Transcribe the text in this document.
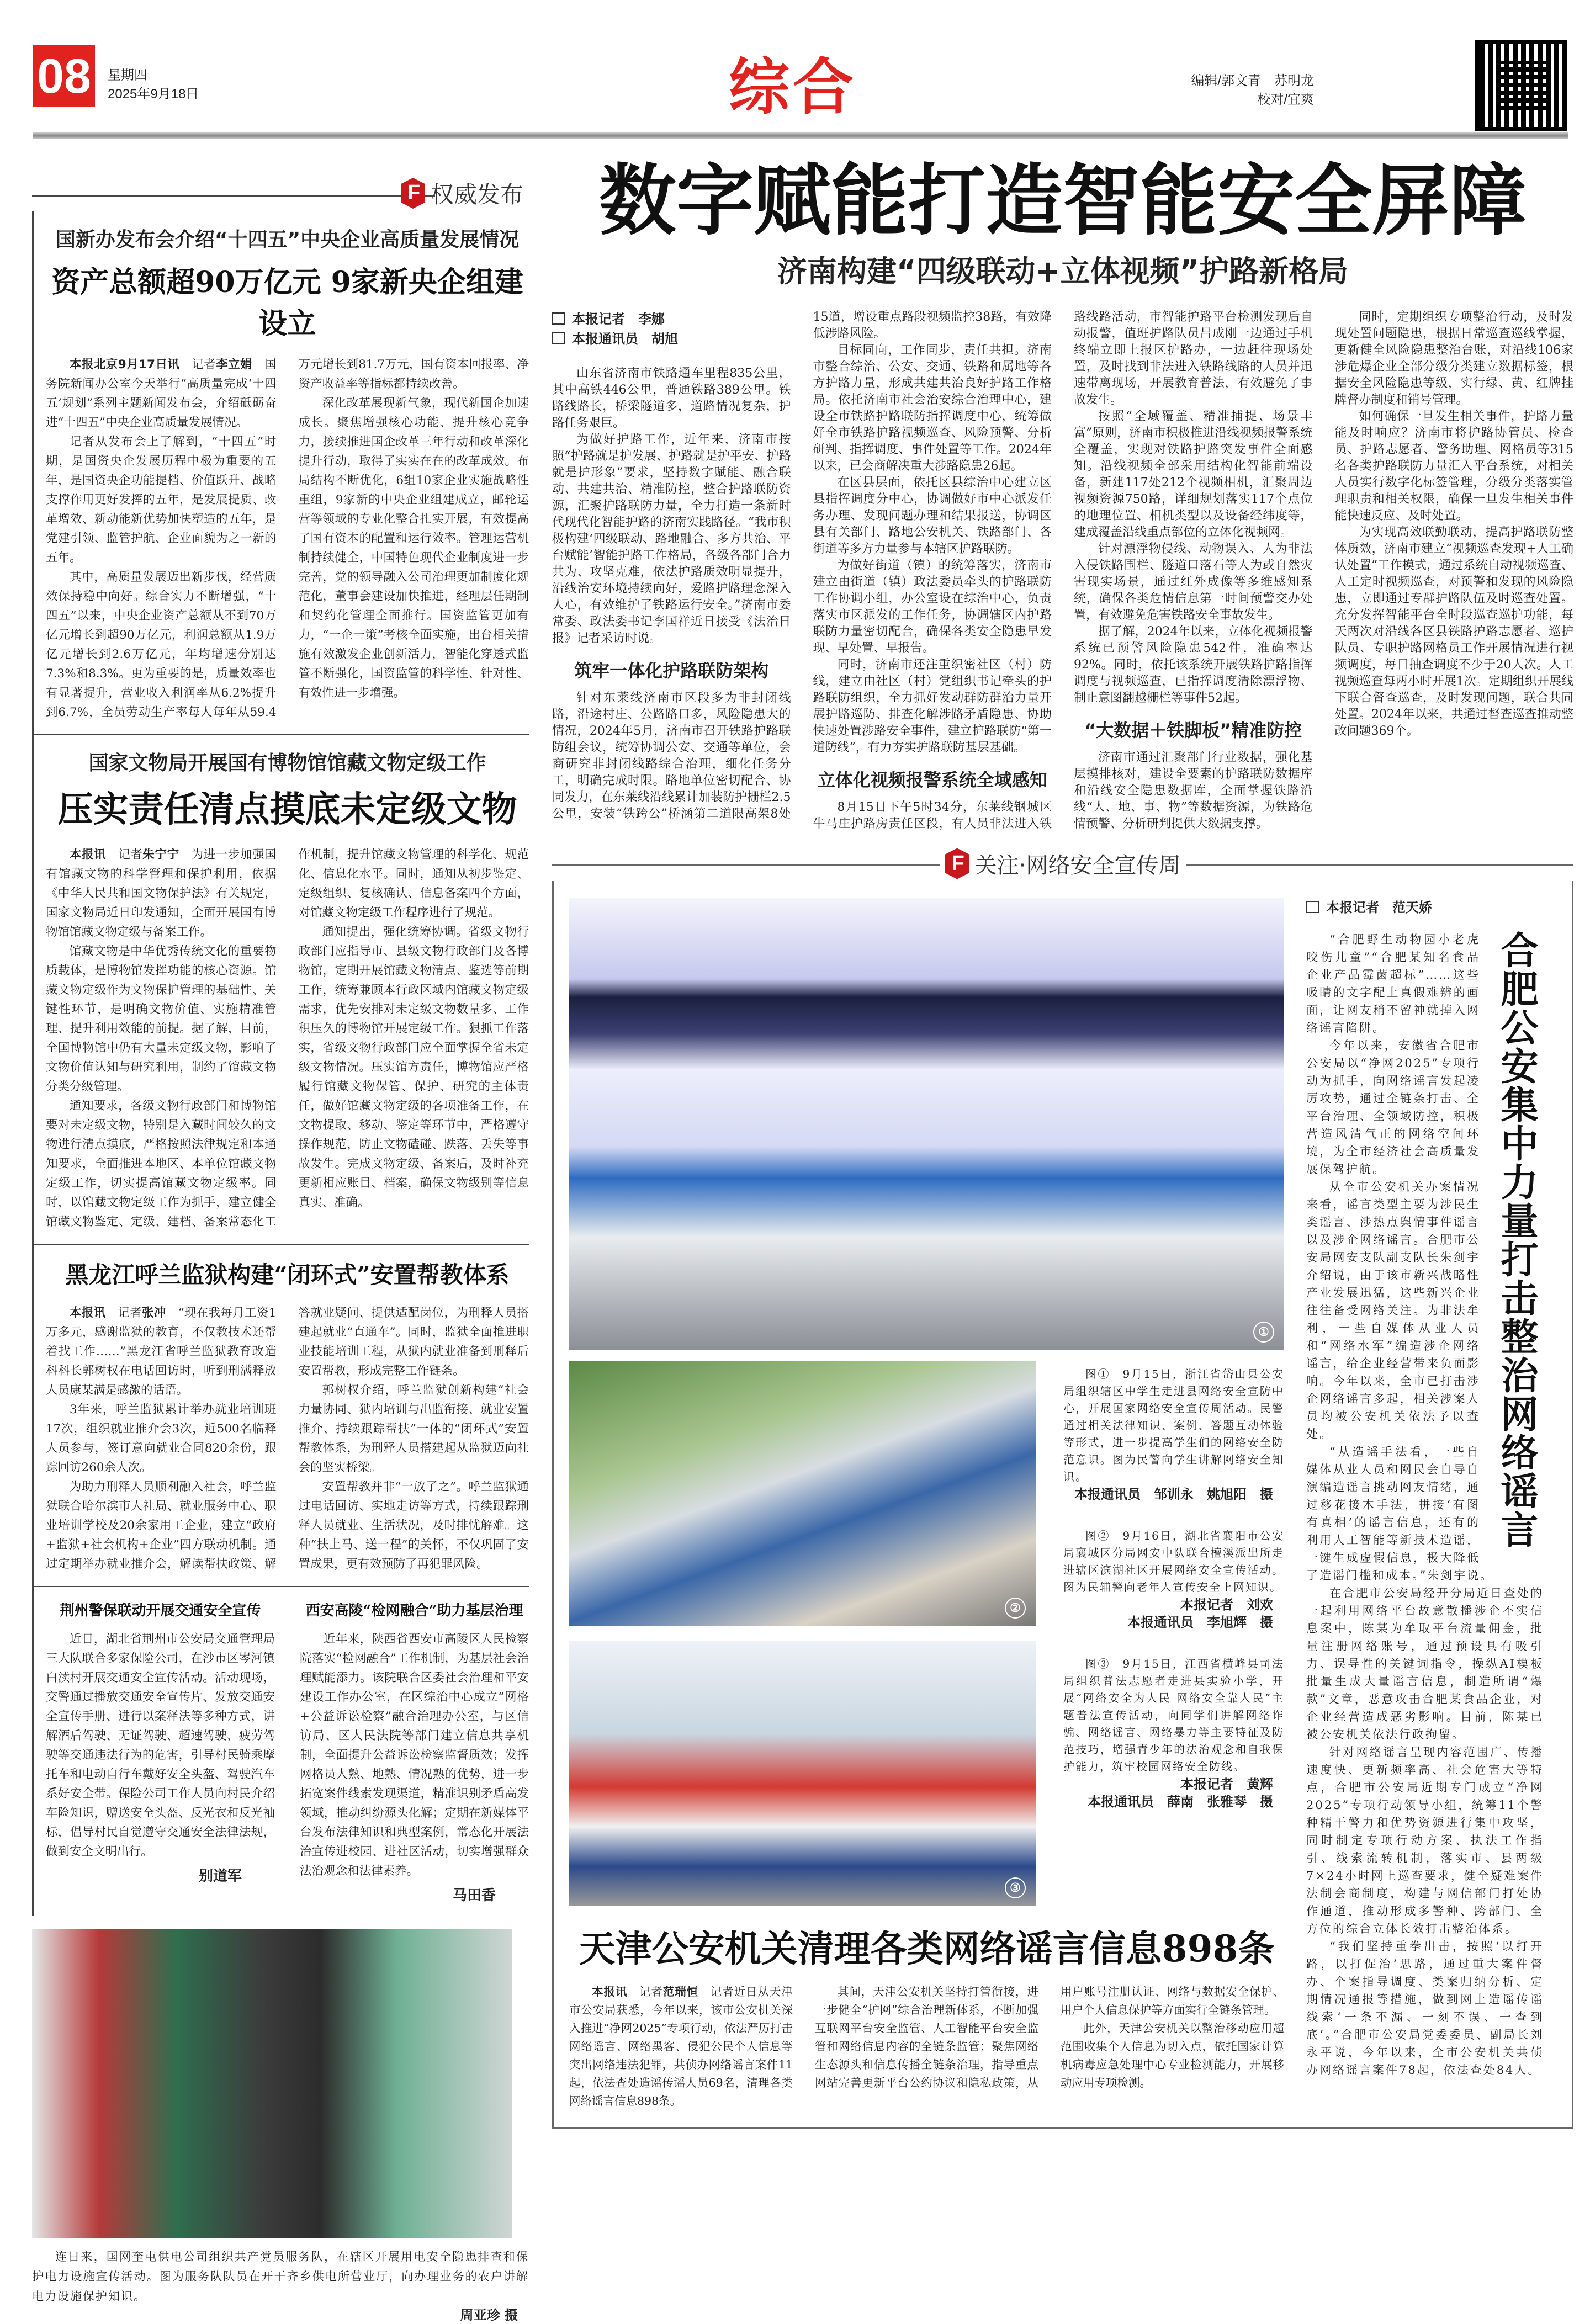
08 星期四
2025年9月18日	综合	编辑/郭文青　苏明龙
校对/宜爽
F
权威发布
国新办发布会介绍“十四五”中央企业高质量发展情况
资产总额超90万亿元 9家新央企组建设立

本报北京9月17日讯　 记者李立娟　 国务院新闻办公室今天举行“高质量完成‘十四五’规划”系列主题新闻发布会，介绍砥砺奋进“十四五”中央企业高质量发展情况。

记者从发布会上了解到，“十四五”时期，是国资央企发展历程中极为重要的五年，是国资央企功能提档、价值跃升、战略支撑作用更好发挥的五年，是发展提质、改革增效、新动能新优势加快塑造的五年，是党建引领、监管护航、企业面貌为之一新的五年。

其中，高质量发展迈出新步伐，经营质效保持稳中向好。综合实力不断增强，“十四五”以来，中央企业资产总额从不到70万亿元增长到超90万亿元，利润总额从1.9万亿元增长到2.6万亿元，年均增速分别达7.3%和8.3%。更为重要的是，质量效率也有显著提升，营业收入利润率从6.2%提升到6.7%，全员劳动生产率每人每年从59.4万元增长到81.7万元，国有资本回报率、净资产收益率等指标都持续改善。

深化改革展现新气象，现代新国企加速成长。聚焦增强核心功能、提升核心竞争力，接续推进国企改革三年行动和改革深化提升行动，取得了实实在在的改革成效。布局结构不断优化，6组10家企业实施战略性重组，9家新的中央企业组建成立，邮轮运营等领域的专业化整合扎实开展，有效提高了国有资本的配置和运行效率。管理运营机制持续健全，中国特色现代企业制度进一步完善，党的领导融入公司治理更加制度化规范化，董事会建设加快推进，经理层任期制和契约化管理全面推行。国资监管更加有力，“一企一策”考核全面实施，出台相关措施有效激发企业创新活力，智能化穿透式监管不断强化，国资监管的科学性、针对性、有效性进一步增强。

国家文物局开展国有博物馆馆藏文物定级工作
压实责任清点摸底未定级文物

本报讯　 记者朱宁宁　 为进一步加强国有馆藏文物的科学管理和保护利用，依据《中华人民共和国文物保护法》有关规定，国家文物局近日印发通知，全面开展国有博物馆馆藏文物定级与备案工作。

馆藏文物是中华优秀传统文化的重要物质载体，是博物馆发挥功能的核心资源。馆藏文物定级作为文物保护管理的基础性、关键性环节，是明确文物价值、实施精准管理、提升利用效能的前提。据了解，目前，全国博物馆中仍有大量未定级文物，影响了文物价值认知与研究利用，制约了馆藏文物分类分级管理。

通知要求，各级文物行政部门和博物馆要对未定级文物，特别是入藏时间较久的文物进行清点摸底，严格按照法律规定和本通知要求，全面推进本地区、本单位馆藏文物定级工作，切实提高馆藏文物定级率。同时，以馆藏文物定级工作为抓手，建立健全馆藏文物鉴定、定级、建档、备案常态化工作机制，提升馆藏文物管理的科学化、规范化、信息化水平。同时，通知从初步鉴定、定级组织、复核确认、信息备案四个方面，对馆藏文物定级工作程序进行了规范。

通知提出，强化统筹协调。省级文物行政部门应指导市、县级文物行政部门及各博物馆，定期开展馆藏文物清点、鉴选等前期工作，统筹兼顾本行政区域内馆藏文物定级需求，优先安排对未定级文物数量多、工作积压久的博物馆开展定级工作。狠抓工作落实，省级文物行政部门应全面掌握全省未定级文物情况。压实馆方责任，博物馆应严格履行馆藏文物保管、保护、研究的主体责任，做好馆藏文物定级的各项准备工作，在文物提取、移动、鉴定等环节中，严格遵守操作规范，防止文物磕碰、跌落、丢失等事故发生。完成文物定级、备案后，及时补充更新相应账目、档案，确保文物级别等信息真实、准确。

黑龙江呼兰监狱构建“闭环式”安置帮教体系

本报讯　 记者张冲　 “现在我每月工资1万多元，感谢监狱的教育，不仅教技术还帮着找工作……”黑龙江省呼兰监狱教育改造科科长郭树权在电话回访时，听到刑满释放人员康某满是感激的话语。

3年来，呼兰监狱累计举办就业培训班17次，组织就业推介会3次，近500名临释人员参与，签订意向就业合同820余份，跟踪回访260余人次。

为助力刑释人员顺利融入社会，呼兰监狱联合哈尔滨市人社局、就业服务中心、职业培训学校及20余家用工企业，建立“政府+监狱+社会机构+企业”四方联动机制。通过定期举办就业推介会，解读帮扶政策、解答就业疑问、提供适配岗位，为刑释人员搭建起就业“直通车”。同时，监狱全面推进职业技能培训工程，从狱内就业准备到刑释后安置帮教，形成完整工作链条。

郭树权介绍，呼兰监狱创新构建“社会力量协同、狱内培训与出监衔接、就业安置推介、持续跟踪帮扶”一体的“闭环式”安置帮教体系，为刑释人员搭建起从监狱迈向社会的坚实桥梁。

安置帮教并非“一放了之”。呼兰监狱通过电话回访、实地走访等方式，持续跟踪刑释人员就业、生活状况，及时排忧解难。这种“扶上马、送一程”的关怀，不仅巩固了安置成果，更有效预防了再犯罪风险。

荆州警保联动开展交通安全宣传

近日，湖北省荆州市公安局交通管理局三大队联合多家保险公司，在沙市区岑河镇白渎村开展交通安全宣传活动。活动现场，交警通过播放交通安全宣传片、发放交通安全宣传手册、进行以案释法等多种方式，讲解酒后驾驶、无证驾驶、超速驾驶、疲劳驾驶等交通违法行为的危害，引导村民骑乘摩托车和电动自行车戴好安全头盔、驾驶汽车系好安全带。保险公司工作人员向村民介绍车险知识，赠送安全头盔、反光衣和反光袖标，倡导村民自觉遵守交通安全法律法规，做到安全文明出行。

别道军
西安高陵“检网融合”助力基层治理

近年来，陕西省西安市高陵区人民检察院落实“检网融合”工作机制，为基层社会治理赋能添力。该院联合区委社会治理和平安建设工作办公室，在区综治中心成立“网格+公益诉讼检察”融合治理办公室，与区信访局、区人民法院等部门建立信息共享机制，全面提升公益诉讼检察监督质效；发挥网格员人熟、地熟、情况熟的优势，进一步拓宽案件线索发现渠道，精准识别矛盾高发领域，推动纠纷源头化解；定期在新媒体平台发布法律知识和典型案例，常态化开展法治宣传进校园、进社区活动，切实增强群众法治观念和法律素养。

马田香
连日来，国网奎屯供电公司组织共产党员服务队，在辖区开展用电安全隐患排查和保护电力设施宣传活动。图为服务队队员在开干齐乡供电所营业厅，向办理业务的农户讲解电力设施保护知识。
周亚珍 摄
数字赋能打造智能安全屏障
济南构建“四级联动+立体视频”护路新格局
本报记者　李娜
本报通讯员　胡旭

山东省济南市铁路通车里程835公里，其中高铁446公里，普通铁路389公里。铁路线路长，桥梁隧道多，道路情况复杂，护路任务艰巨。

为做好护路工作，近年来，济南市按照“护路就是护发展、护路就是护平安、护路就是护形象”要求，坚持数字赋能、融合联动、共建共治、精准防控，整合护路联防资源，汇聚护路联防力量，全力打造一条新时代现代化智能护路的济南实践路径。“我市积极构建‘四级联动、路地融合、多方共治、平台赋能’智能护路工作格局，各级各部门合力共为、攻坚克难，依法护路质效明显提升，沿线治安环境持续向好，爱路护路理念深入人心，有效维护了铁路运行安全。”济南市委常委、政法委书记李国祥近日接受《法治日报》记者采访时说。

筑牢一体化护路联防架构

针对东莱线济南市区段多为非封闭线路，沿途村庄、公路路口多，风险隐患大的情况，2024年5月，济南市召开铁路护路联防组会议，统筹协调公安、交通等单位，会商研究非封闭线路综合治理，细化任务分工，明确完成时限。路地单位密切配合、协同发力，在东莱线沿线累计加装防护栅栏2.5公里，安装“铁跨公”桥涵第二道限高架8处15道，增设重点路段视频监控38路，有效降低涉路风险。

目标同向，工作同步，责任共担。济南市整合综治、公安、交通、铁路和属地等各方护路力量，形成共建共治良好护路工作格局。依托济南市社会治安综合治理中心，建设全市铁路护路联防指挥调度中心，统筹做好全市铁路护路视频巡查、风险预警、分析研判、指挥调度、事件处置等工作。2024年以来，已会商解决重大涉路隐患26起。

在区县层面，依托区县综治中心建立区县指挥调度分中心，协调做好市中心派发任务办理、发现问题办理和结果报送，协调区县有关部门、路地公安机关、铁路部门、各街道等多方力量参与本辖区护路联防。

为做好街道（镇）的统筹落实，济南市建立由街道（镇）政法委员牵头的护路联防工作协调小组，办公室设在综治中心，负责落实市区派发的工作任务，协调辖区内护路联防力量密切配合，确保各类安全隐患早发现、早处置、早报告。

同时，济南市还注重织密社区（村）防线，建立由社区（村）党组织书记牵头的护路联防组织，全力抓好发动群防群治力量开展护路巡防、排查化解涉路矛盾隐患、协助快速处置涉路安全事件，建立护路联防“第一道防线”，有力夯实护路联防基层基础。

立体化视频报警系统全域感知

8月15日下午5时34分，东莱线钢城区牛马庄护路房责任区段，有人员非法进入铁路线路活动，市智能护路平台检测发现后自动报警，值班护路队员吕成刚一边通过手机终端立即上报区护路办，一边赶往现场处置，及时找到非法进入铁路线路的人员并迅速带离现场，开展教育普法，有效避免了事故发生。

按照“全域覆盖、精准捕捉、场景丰富”原则，济南市积极推进沿线视频报警系统全覆盖，实现对铁路护路突发事件全面感知。沿线视频全部采用结构化智能前端设备，新建117处212个视频相机，汇聚周边视频资源750路，详细规划落实117个点位的地理位置、相机类型以及设备经纬度等，建成覆盖沿线重点部位的立体化视频网。

针对漂浮物侵线、动物误入、人为非法入侵铁路围栏、隧道口落石等人为或自然灾害现实场景，通过红外成像等多维感知系统，确保各类危情信息第一时间预警交办处置，有效避免危害铁路安全事故发生。

据了解，2024年以来，立体化视频报警系统已预警风险隐患542件，准确率达92%。同时，依托该系统开展铁路护路指挥调度与视频巡查，已指挥调度清除漂浮物、制止意图翻越栅栏等事件52起。

“大数据＋铁脚板”精准防控

济南市通过汇聚部门行业数据，强化基层摸排核对，建设全要素的护路联防数据库和沿线安全隐患数据库，全面掌握铁路沿线“人、地、事、物”等数据资源，为铁路危情预警、分析研判提供大数据支撑。

同时，定期组织专项整治行动，及时发现处置问题隐患，根据日常巡查巡线掌握，更新健全风险隐患整治台账，对沿线106家涉危爆企业全部分级分类建立数据标签，根据安全风险隐患等级，实行绿、黄、红牌挂牌督办制度和销号管理。

如何确保一旦发生相关事件，护路力量能及时响应？济南市将护路协管员、检查员、护路志愿者、警务助理、网格员等315名各类护路联防力量汇入平台系统，对相关人员实行数字化标签管理，分级分类落实管理职责和相关权限，确保一旦发生相关事件能快速反应、及时处置。

为实现高效联勤联动，提高护路联防整体质效，济南市建立“视频巡查发现+人工确认处置”工作模式，通过系统自动视频巡查、人工定时视频巡查，对预警和发现的风险隐患，立即通过专群护路队伍及时巡查处置。充分发挥智能平台全时段巡查巡护功能，每天两次对沿线各区县铁路护路志愿者、巡护队员、专职护路网格员工作开展情况进行视频调度，每日抽查调度不少于20人次。人工视频巡查每两小时开展1次。定期组织开展线下联合督查巡查，及时发现问题，联合共同处置。2024年以来，共通过督查巡查推动整改问题369个。

F
关注·网络安全宣传周
①
②
③
图①　9月15日，浙江省岱山县公安局组织辖区中学生走进县网络安全宣防中心，开展国家网络安全宣传周活动。民警通过相关法律知识、案例、答题互动体验等形式，进一步提高学生们的网络安全防范意识。图为民警向学生讲解网络安全知识。
本报通讯员　邹训永　姚旭阳　摄
图②　9月16日，湖北省襄阳市公安局襄城区分局网安中队联合檀溪派出所走进辖区滨湖社区开展网络安全宣传活动。图为民辅警向老年人宣传安全上网知识。
本报记者　刘欢
本报通讯员　李旭辉　摄
图③　9月15日，江西省横峰县司法局组织普法志愿者走进县实验小学，开展“网络安全为人民 网络安全靠人民”主题普法宣传活动，向同学们讲解网络诈骗、网络谣言、网络暴力等主要特征及防范技巧，增强青少年的法治观念和自我保护能力，筑牢校园网络安全防线。
本报记者　黄辉
本报通讯员　薛南　张雅琴　摄
天津公安机关清理各类网络谣言信息898条

本报讯　 记者范瑞恒　 记者近日从天津市公安局获悉，今年以来，该市公安机关深入推进“净网2025”专项行动，依法严厉打击网络谣言、网络黑客、侵犯公民个人信息等突出网络违法犯罪，共侦办网络谣言案件11起，依法查处造谣传谣人员69名，清理各类网络谣言信息898条。

其间，天津公安机关坚持打管衔接，进一步健全“护网”综合治理新体系，不断加强互联网平台安全监管、人工智能平台安全监管和网络信息内容的全链条监管；聚焦网络生态源头和信息传播全链条治理，指导重点网站完善更新平台公约协议和隐私政策，从用户账号注册认证、网络与数据安全保护、用户个人信息保护等方面实行全链条管理。

此外，天津公安机关以整治移动应用超范围收集个人信息为切入点，依托国家计算机病毒应急处理中心专业检测能力，开展移动应用专项检测。

本报记者　范天娇
合肥公安集中力量打击整治网络谣言

“合肥野生动物园小老虎咬伤儿童”“合肥某知名食品企业产品霉菌超标”……这些吸睛的文字配上真假难辨的画面，让网友稍不留神就掉入网络谣言陷阱。

今年以来，安徽省合肥市公安局以“净网2025”专项行动为抓手，向网络谣言发起凌厉攻势，通过全链条打击、全平台治理、全领域防控，积极营造风清气正的网络空间环境，为全市经济社会高质量发展保驾护航。

从全市公安机关办案情况来看，谣言类型主要为涉民生类谣言、涉热点舆情事件谣言以及涉企网络谣言。合肥市公安局网安支队副支队长朱剑宇介绍说，由于该市新兴战略性产业发展迅猛，这些新兴企业往往备受网络关注。为非法牟利，一些自媒体从业人员和“网络水军”编造涉企网络谣言，给企业经营带来负面影响。今年以来，全市已打击涉企网络谣言多起，相关涉案人员均被公安机关依法予以查处。

“从造谣手法看，一些自媒体从业人员和网民会自导自演编造谣言挑动网友情绪，通过移花接木手法，拼接‘有图有真相’的谣言信息，还有的利用人工智能等新技术造谣，一键生成虚假信息，极大降低了造谣门槛和成本。”朱剑宇说。

在合肥市公安局经开分局近日查处的一起利用网络平台故意散播涉企不实信息案中，陈某为牟取平台流量佣金，批量注册网络账号，通过预设具有吸引力、误导性的关键词指令，操纵AI模板批量生成大量谣言信息，制造所谓“爆款”文章，恶意攻击合肥某食品企业，对企业经营造成恶劣影响。目前，陈某已被公安机关依法行政拘留。

针对网络谣言呈现内容范围广、传播速度快、更新频率高、社会危害大等特点，合肥市公安局近期专门成立“净网2025”专项行动领导小组，统筹11个警种精干警力和优势资源进行集中攻坚，同时制定专项行动方案、执法工作指引、线索流转机制，落实市、县两级7×24小时网上巡查要求，健全疑难案件法制会商制度，构建与网信部门打处协作通道，推动形成多警种、跨部门、全方位的综合立体长效打击整治体系。

“我们坚持重拳出击，按照‘以打开路，以打促治’思路，通过重大案件督办、个案指导调度、类案归纳分析、定期情况通报等措施，做到网上造谣传谣线索‘一条不漏、一刻不误、一查到底’。”合肥市公安局党委委员、副局长刘永平说，今年以来，全市公安机关共侦办网络谣言案件78起，依法查处84人。
